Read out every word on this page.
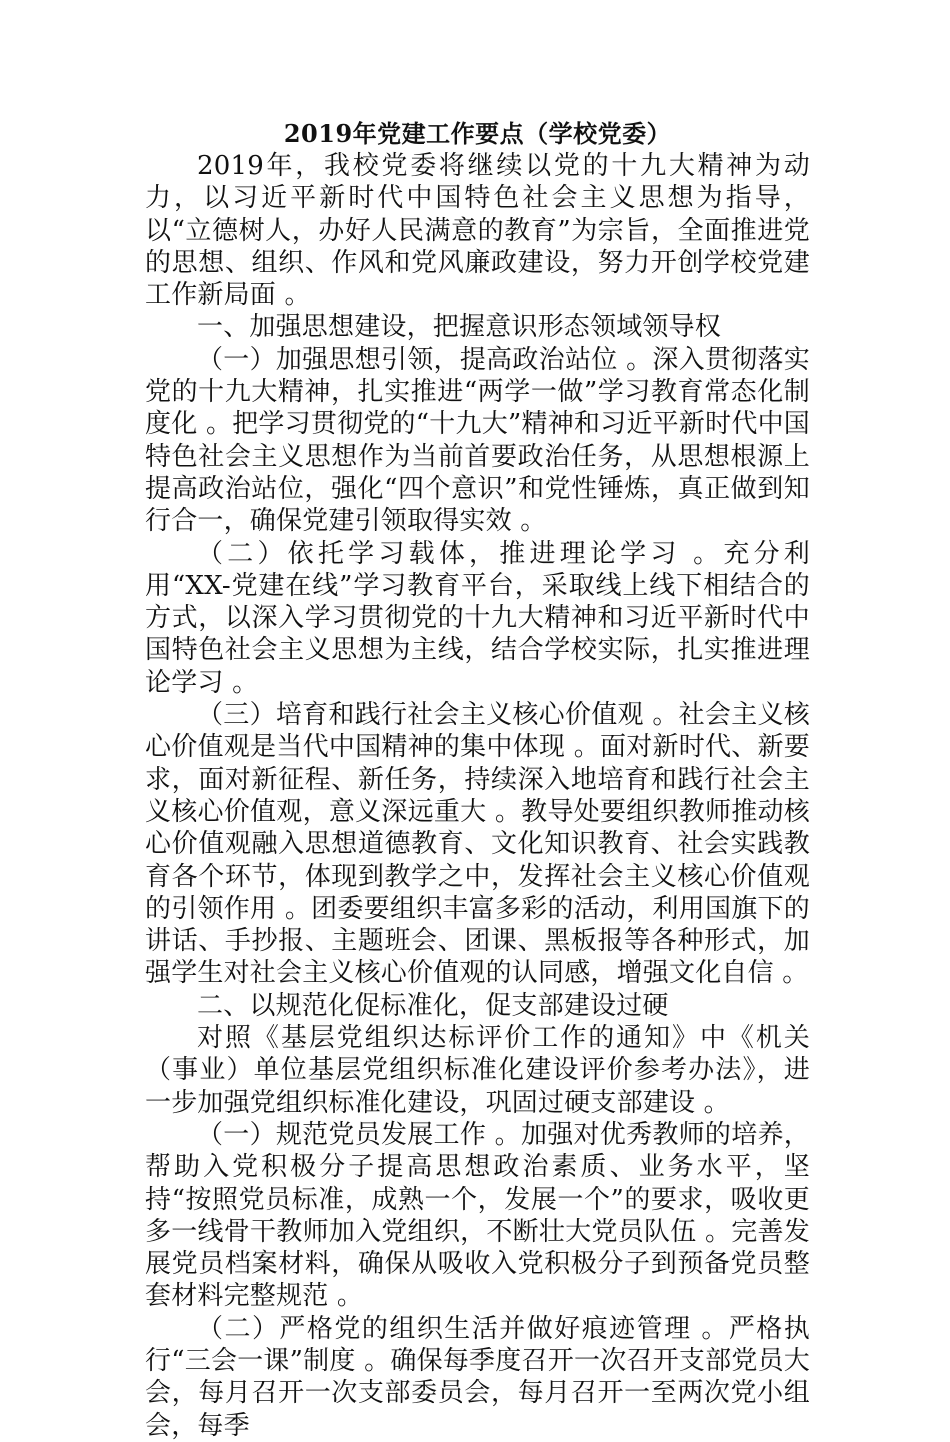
2019年党建工作要点（学校党委）

2019年，我校党委将继续以党的十九大精神为动力，以习近平新时代中国特色社会主义思想为指导，以“立德树人，办好人民满意的教育”为宗旨，全面推进党的思想、组织、作风和党风廉政建设，努力开创学校党建工作新局面 。

一、加强思想建设，把握意识形态领域领导权

（一）加强思想引领，提高政治站位 。深入贯彻落实党的十九大精神，扎实推进“两学一做”学习教育常态化制度化 。把学习贯彻党的“十九大”精神和习近平新时代中国特色社会主义思想作为当前首要政治任务，从思想根源上提高政治站位，强化“四个意识”和党性锤炼，真正做到知行合一，确保党建引领取得实效 。

（二）依托学习载体，推进理论学习 。充分利用“XX-党建在线”学习教育平台，采取线上线下相结合的方式，以深入学习贯彻党的十九大精神和习近平新时代中国特色社会主义思想为主线，结合学校实际，扎实推进理论学习 。

（三）培育和践行社会主义核心价值观 。社会主义核心价值观是当代中国精神的集中体现 。面对新时代、新要求，面对新征程、新任务，持续深入地培育和践行社会主义核心价值观，意义深远重大 。教导处要组织教师推动核心价值观融入思想道德教育、文化知识教育、社会实践教育各个环节，体现到教学之中，发挥社会主义核心价值观的引领作用 。团委要组织丰富多彩的活动，利用国旗下的讲话、手抄报、主题班会、团课、黑板报等各种形式，加强学生对社会主义核心价值观的认同感，增强文化自信 。

二、以规范化促标准化，促支部建设过硬

对照《基层党组织达标评价工作的通知》中《机关（事业）单位基层党组织标准化建设评价参考办法》，进一步加强党组织标准化建设，巩固过硬支部建设 。

（一）规范党员发展工作 。加强对优秀教师的培养，帮助入党积极分子提高思想政治素质、业务水平，坚持“按照党员标准，成熟一个，发展一个”的要求，吸收更多一线骨干教师加入党组织，不断壮大党员队伍 。完善发展党员档案材料，确保从吸收入党积极分子到预备党员整套材料完整规范 。

（二）严格党的组织生活并做好痕迹管理 。严格执行“三会一课”制度 。确保每季度召开一次召开支部党员大会，每月召开一次支部委员会，每月召开一至两次党小组会，每季
